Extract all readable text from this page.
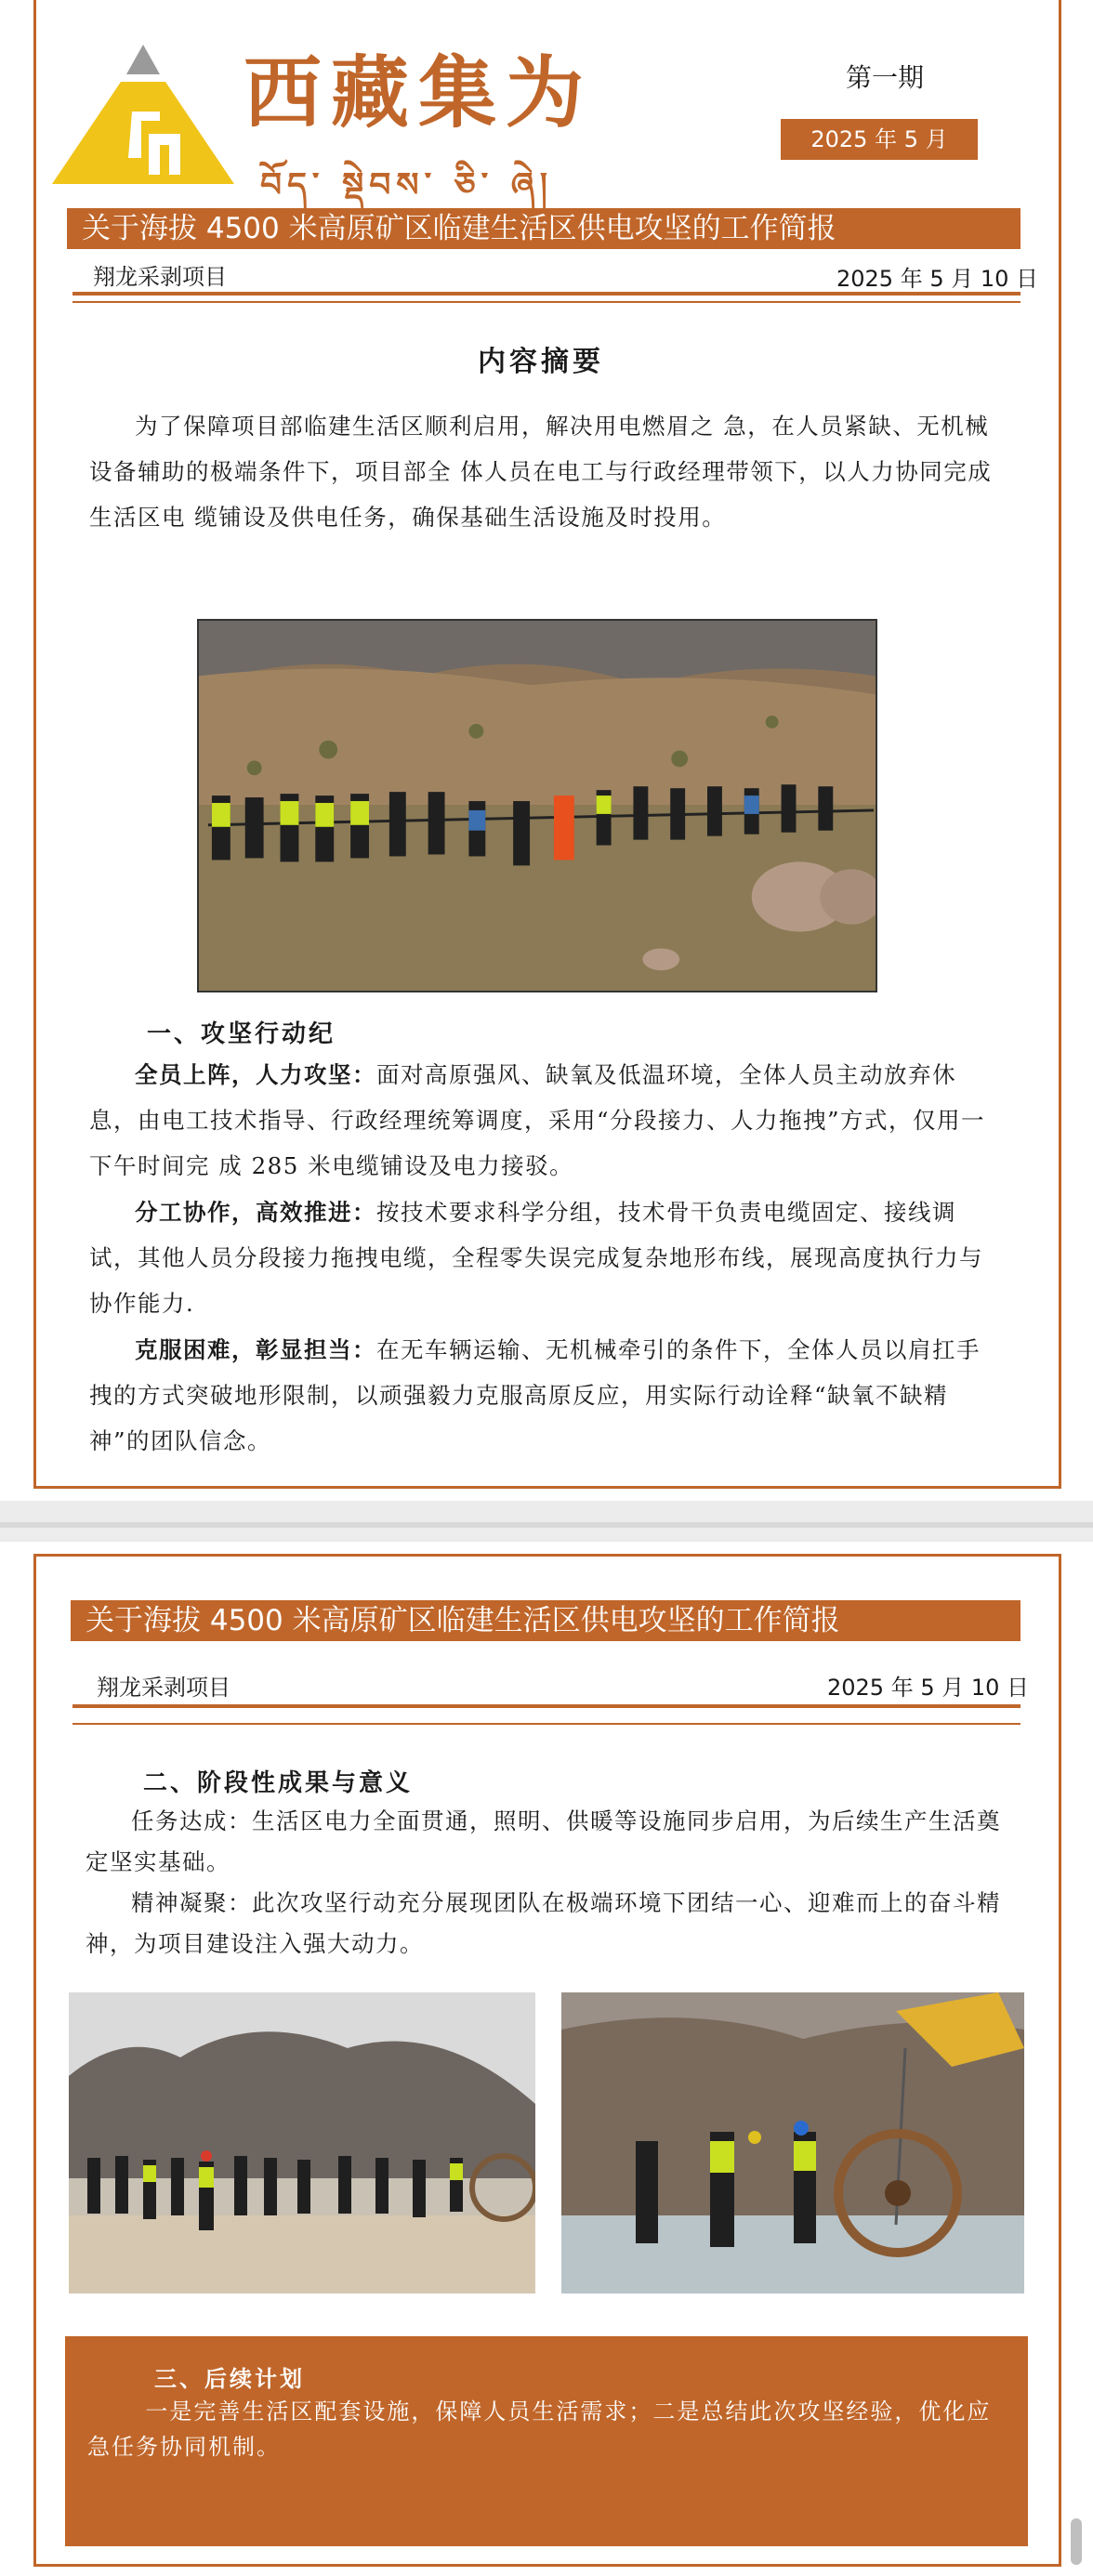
西藏集为
བོད་ སྡེབས་ ཅི་ ཞེ།
第一期
2025 年 5 月
关于海拔 4500 米高原矿区临建生活区供电攻坚的工作简报
翔龙采剥项目	2025 年 5 月 10 日
内容摘要

为了保障项目部临建生活区顺利启用，解决用电燃眉之 急，在人员紧缺、无机械设备辅助的极端条件下，项目部全 体人员在电工与行政经理带领下，以人力协同完成生活区电 缆铺设及供电任务，确保基础生活设施及时投用。

一、攻坚行动纪

全员上阵，人力攻坚：面对高原强风、缺氧及低温环境，全体人员主动放弃休息，由电工技术指导、行政经理统筹调度，采用“分段接力、人力拖拽”方式，仅用一下午时间完 成 285 米电缆铺设及电力接驳。

分工协作，高效推进：按技术要求科学分组，技术骨干负责电缆固定、接线调试，其他人员分段接力拖拽电缆，全程零失误完成复杂地形布线，展现高度执行力与协作能力.

克服困难，彰显担当：在无车辆运输、无机械牵引的条件下，全体人员以肩扛手拽的方式突破地形限制，以顽强毅力克服高原反应，用实际行动诠释“缺氧不缺精神”的团队信念。

关于海拔 4500 米高原矿区临建生活区供电攻坚的工作简报
翔龙采剥项目	2025 年 5 月 10 日
二、阶段性成果与意义

任务达成：生活区电力全面贯通，照明、供暖等设施同步启用，为后续生产生活奠定坚实基础。

精神凝聚：此次攻坚行动充分展现团队在极端环境下团结一心、迎难而上的奋斗精神，为项目建设注入强大动力。

三、后续计划

一是完善生活区配套设施，保障人员生活需求；二是总结此次攻坚经验，优化应急任务协同机制。
